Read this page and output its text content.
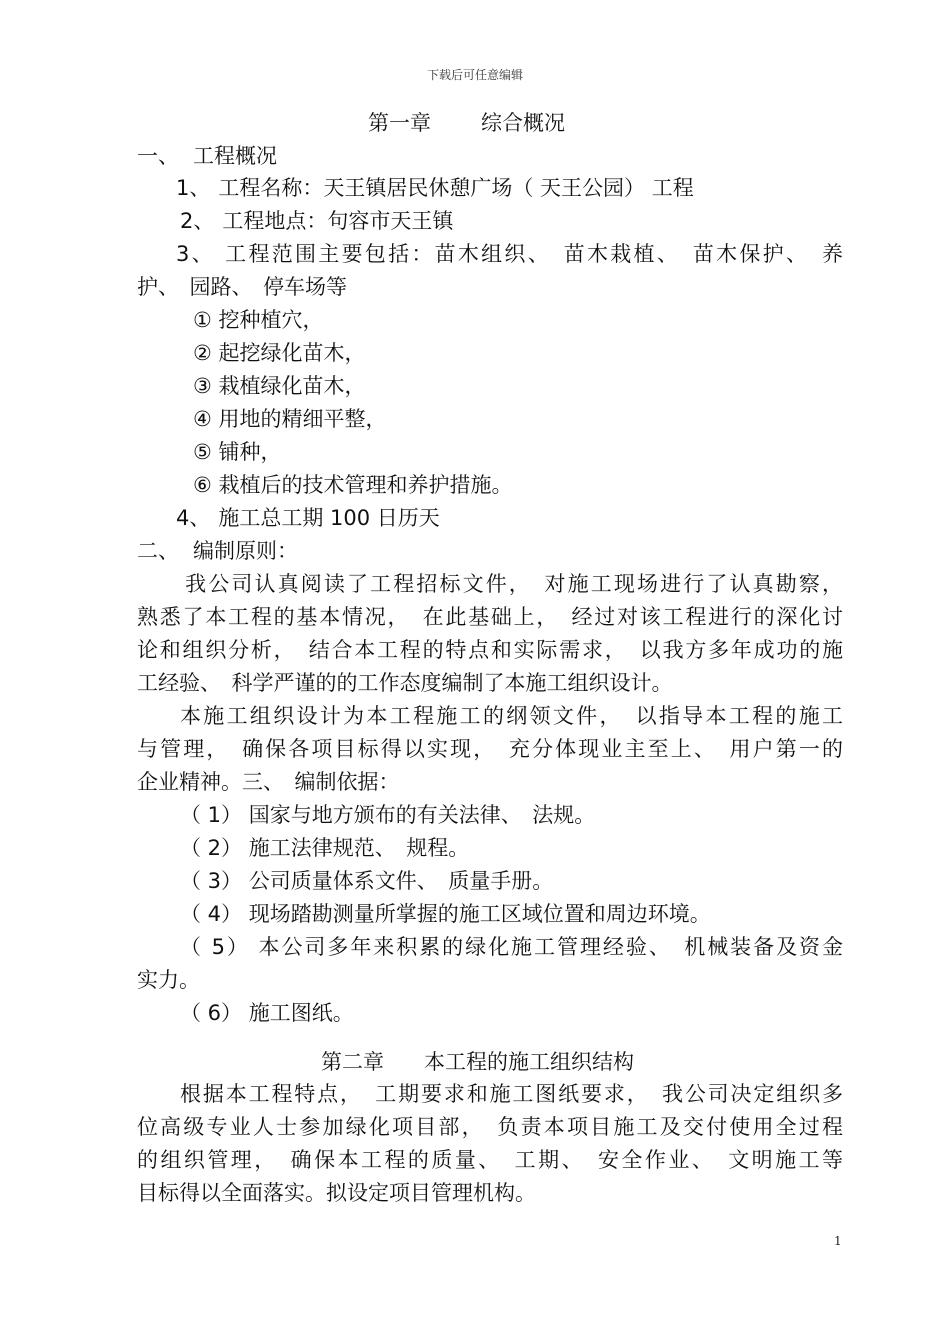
下载后可任意编辑
第一章 综合概况
一、 工程概况
1、 工程名称：天王镇居民休憩广场（ 天王公园） 工程
2、 工程地点：句容市天王镇
3、 工程范围主要包括：苗木组织、　苗木栽植、　苗木保护、　养
护、　园路、　停车场等
① 挖种植穴，
② 起挖绿化苗木，
③ 栽植绿化苗木，
④ 用地的精细平整，
⑤ 铺种，
⑥ 栽植后的技术管理和养护措施。
4、 施工总工期 100 日历天
二、 编制原则：
　我公司认真阅读了工程招标文件，　对施工现场进行了认真勘察，
熟悉了本工程的基本情况，　在此基础上，　经过对该工程进行的深化讨
论和组织分析，　结合本工程的特点和实际需求，　以我方多年成功的施
工经验、　科学严谨的的工作态度编制了本施工组织设计。
本施工组织设计为本工程施工的纲领文件，　以指导本工程的施工
与管理，　确保各项目标得以实现，　充分体现业主至上、　用户第一的
企业精神。三、　编制依据：
（ 1） 国家与地方颁布的有关法律、　法规。
（ 2） 施工法律规范、　规程。
（ 3） 公司质量体系文件、　质量手册。
（ 4） 现场踏勘测量所掌握的施工区域位置和周边环境。
（ 5） 本公司多年来积累的绿化施工管理经验、　机械装备及资金
实力。
（ 6） 施工图纸。
第二章 本工程的施工组织结构
根据本工程特点，　工期要求和施工图纸要求，　我公司决定组织多
位高级专业人士参加绿化项目部，　负责本项目施工及交付使用全过程
的组织管理，　确保本工程的质量、　工期、　安全作业、　文明施工等
目标得以全面落实。拟设定项目管理机构。
1
